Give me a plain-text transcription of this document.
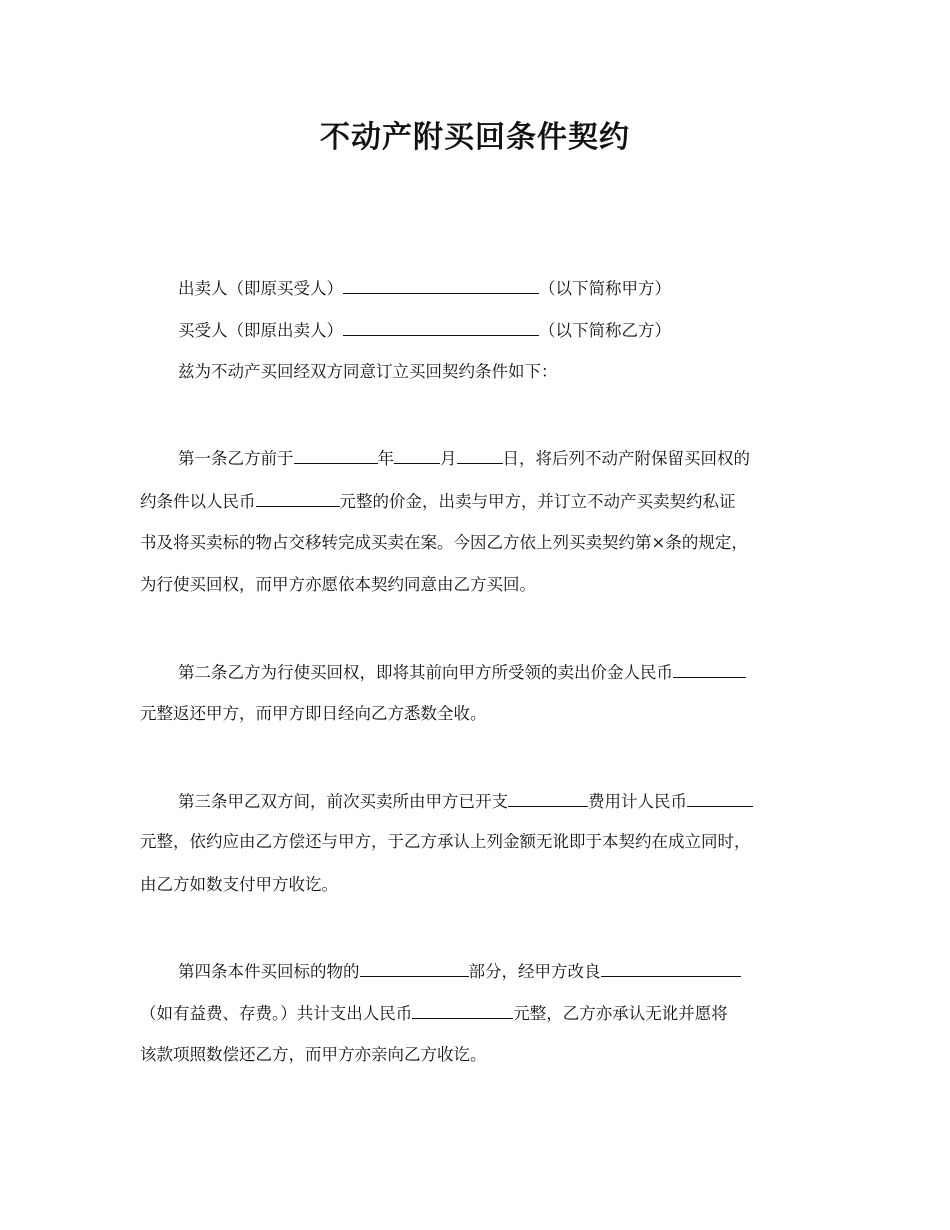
不动产附买回条件契约
出卖人（即原买受人）	（以下简称甲方）
买受人（即原出卖人）	（以下简称乙方）
兹为不动产买回经双方同意订立买回契约条件如下：
第一条乙方前于	年	月	日，将后列不动产附保留买回权的
约条件以人民币	元整的价金，出卖与甲方，并订立不动产买卖契约私证
书及将买卖标的物占交移转完成买卖在案。今因乙方依上列买卖契约第×条的规定，
为行使买回权，而甲方亦愿依本契约同意由乙方买回。
第二条乙方为行使买回权，即将其前向甲方所受领的卖出价金人民币
元整返还甲方，而甲方即日经向乙方悉数全收。
第三条甲乙双方间，前次买卖所由甲方已开支	费用计人民币
元整，依约应由乙方偿还与甲方，于乙方承认上列金额无讹即于本契约在成立同时，
由乙方如数支付甲方收讫。
第四条本件买回标的物的	部分，经甲方改良
（如有益费、存费。）共计支出人民币	元整，乙方亦承认无讹并愿将
该款项照数偿还乙方，而甲方亦亲向乙方收讫。
